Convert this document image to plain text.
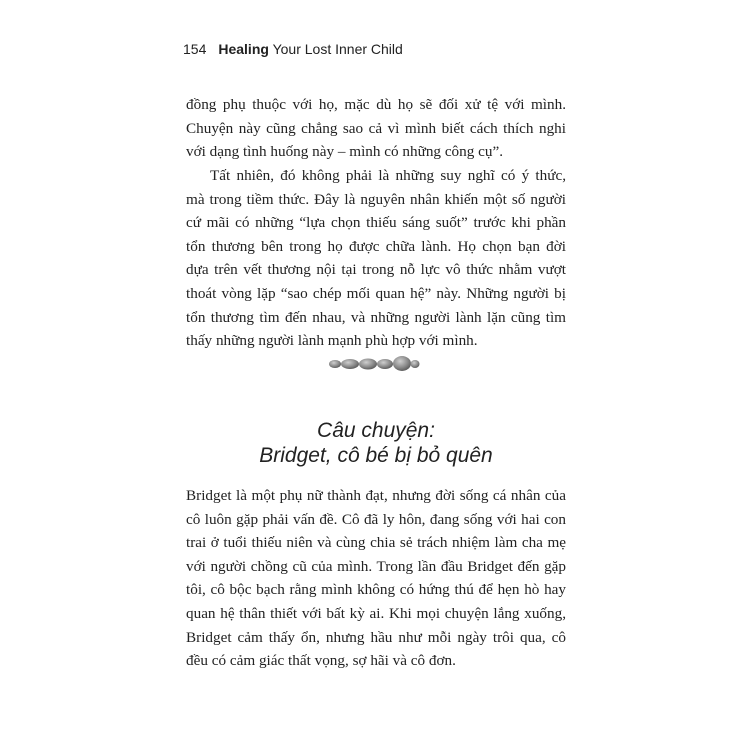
154 Healing Your Lost Inner Child
đồng phụ thuộc với họ, mặc dù họ sẽ đối xử tệ với mình.
Chuyện này cũng chẳng sao cả vì mình biết cách thích nghi
với dạng tình huống này – mình có những công cụ”.
Tất nhiên, đó không phải là những suy nghĩ có ý thức,
mà trong tiềm thức. Đây là nguyên nhân khiến một số người
cứ mãi có những “lựa chọn thiếu sáng suốt” trước khi phần
tổn thương bên trong họ được chữa lành. Họ chọn bạn đời
dựa trên vết thương nội tại trong nỗ lực vô thức nhằm vượt
thoát vòng lặp “sao chép mối quan hệ” này. Những người bị
tổn thương tìm đến nhau, và những người lành lặn cũng tìm
thấy những người lành mạnh phù hợp với mình.
Câu chuyện:
Bridget, cô bé bị bỏ quên
Bridget là một phụ nữ thành đạt, nhưng đời sống cá nhân của
cô luôn gặp phải vấn đề. Cô đã ly hôn, đang sống với hai con
trai ở tuổi thiếu niên và cùng chia sẻ trách nhiệm làm cha mẹ
với người chồng cũ của mình. Trong lần đầu Bridget đến gặp
tôi, cô bộc bạch rằng mình không có hứng thú để hẹn hò hay
quan hệ thân thiết với bất kỳ ai. Khi mọi chuyện lắng xuống,
Bridget cảm thấy ổn, nhưng hầu như mỗi ngày trôi qua, cô
đều có cảm giác thất vọng, sợ hãi và cô đơn.
